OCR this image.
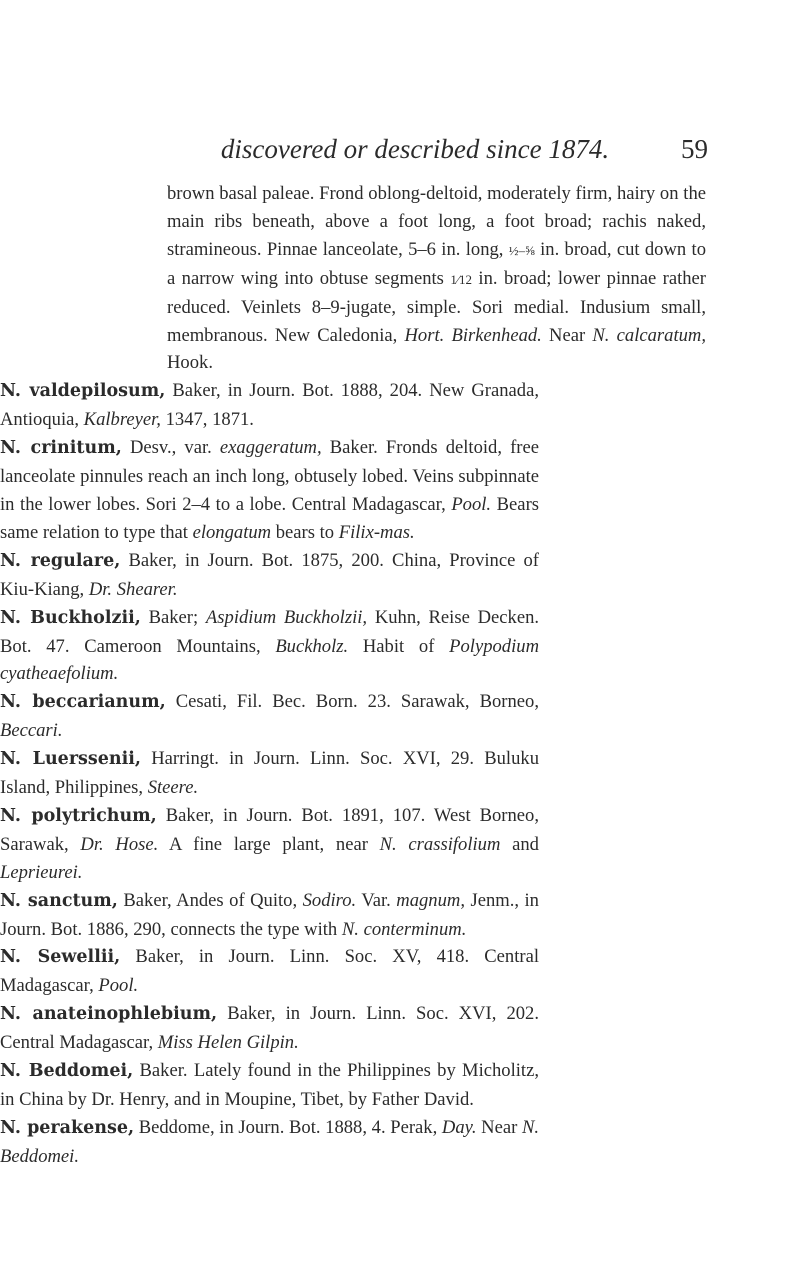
discovered or described since 1874.	59

brown basal paleae. Frond oblong-deltoid, moderately firm, hairy on the main ribs beneath, above a foot long, a foot broad; rachis naked, stramineous. Pinnae lanceolate, 5–6 in. long, ½–⅝ in. broad, cut down to a narrow wing into obtuse segments 1⁄12 in. broad; lower pinnae rather reduced. Veinlets 8–9-jugate, simple. Sori medial. Indusium small, membranous. New Caledonia, Hort. Birkenhead. Near N. calcaratum, Hook.

N. valdepilosum, Baker, in Journ. Bot. 1888, 204. New Granada, Antioquia, Kalbreyer, 1347, 1871.

N. crinitum, Desv., var. exaggeratum, Baker. Fronds deltoid, free lanceolate pinnules reach an inch long, obtusely lobed. Veins subpinnate in the lower lobes. Sori 2–4 to a lobe. Central Madagascar, Pool. Bears same relation to type that elongatum bears to Filix-mas.

N. regulare, Baker, in Journ. Bot. 1875, 200. China, Province of Kiu-Kiang, Dr. Shearer.

N. Buckholzii, Baker; Aspidium Buckholzii, Kuhn, Reise Decken. Bot. 47. Cameroon Mountains, Buckholz. Habit of Polypodium cyatheaefolium.

N. beccarianum, Cesati, Fil. Bec. Born. 23. Sarawak, Borneo, Beccari.

N. Luerssenii, Harringt. in Journ. Linn. Soc. XVI, 29. Buluku Island, Philippines, Steere.

N. polytrichum, Baker, in Journ. Bot. 1891, 107. West Borneo, Sarawak, Dr. Hose. A fine large plant, near N. crassifolium and Leprieurei.

N. sanctum, Baker, Andes of Quito, Sodiro. Var. magnum, Jenm., in Journ. Bot. 1886, 290, connects the type with N. conterminum.

N. Sewellii, Baker, in Journ. Linn. Soc. XV, 418. Central Madagascar, Pool.

N. anateinophlebium, Baker, in Journ. Linn. Soc. XVI, 202. Central Madagascar, Miss Helen Gilpin.

N. Beddomei, Baker. Lately found in the Philippines by Micholitz, in China by Dr. Henry, and in Moupine, Tibet, by Father David.

N. perakense, Beddome, in Journ. Bot. 1888, 4. Perak, Day. Near N. Beddomei.
